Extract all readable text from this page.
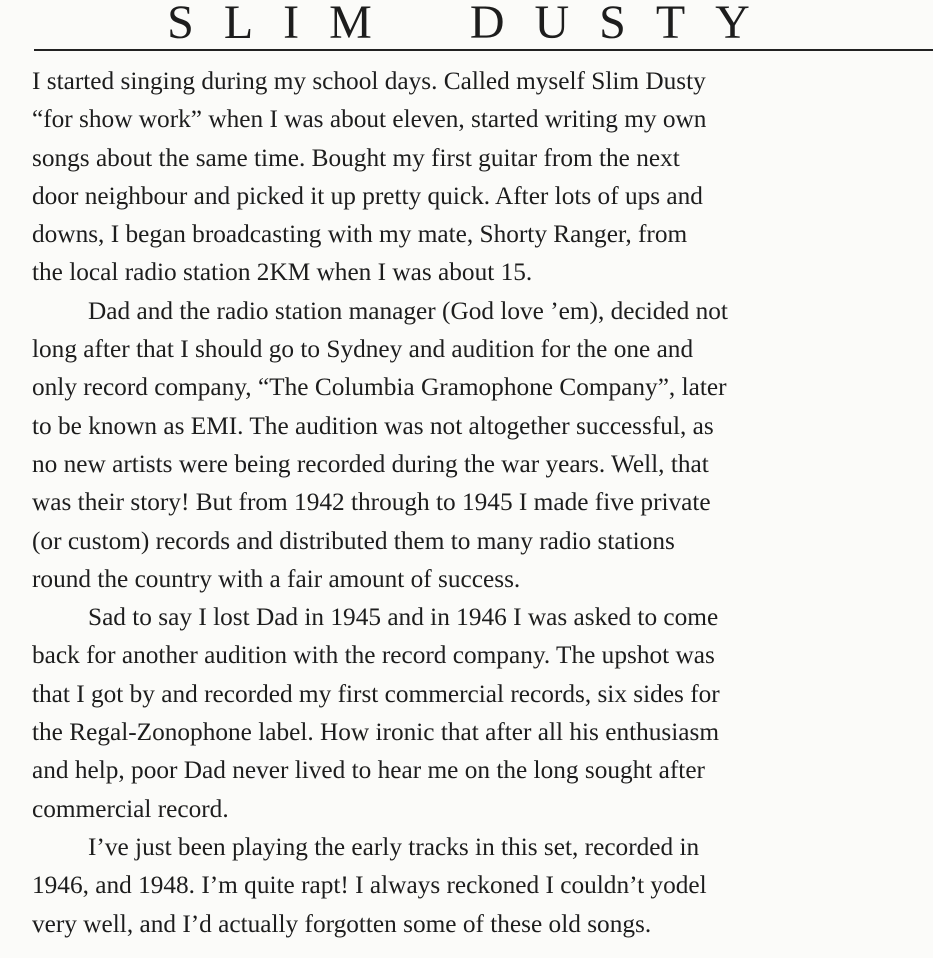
SLIM DUSTY

I started singing during my school days. Called myself Slim Dusty
“for show work” when I was about eleven, started writing my own
songs about the same time. Bought my first guitar from the next
door neighbour and picked it up pretty quick. After lots of ups and
downs, I began broadcasting with my mate, Shorty Ranger, from
the local radio station 2KM when I was about 15.

Dad and the radio station manager (God love ’em), decided not
long after that I should go to Sydney and audition for the one and
only record company, “The Columbia Gramophone Company”, later
to be known as EMI. The audition was not altogether successful, as
no new artists were being recorded during the war years. Well, that
was their story! But from 1942 through to 1945 I made five private
(or custom) records and distributed them to many radio stations
round the country with a fair amount of success.

Sad to say I lost Dad in 1945 and in 1946 I was asked to come
back for another audition with the record company. The upshot was
that I got by and recorded my first commercial records, six sides for
the Regal-Zonophone label. How ironic that after all his enthusiasm
and help, poor Dad never lived to hear me on the long sought after
commercial record.

I’ve just been playing the early tracks in this set, recorded in
1946, and 1948. I’m quite rapt! I always reckoned I couldn’t yodel
very well, and I’d actually forgotten some of these old songs.
